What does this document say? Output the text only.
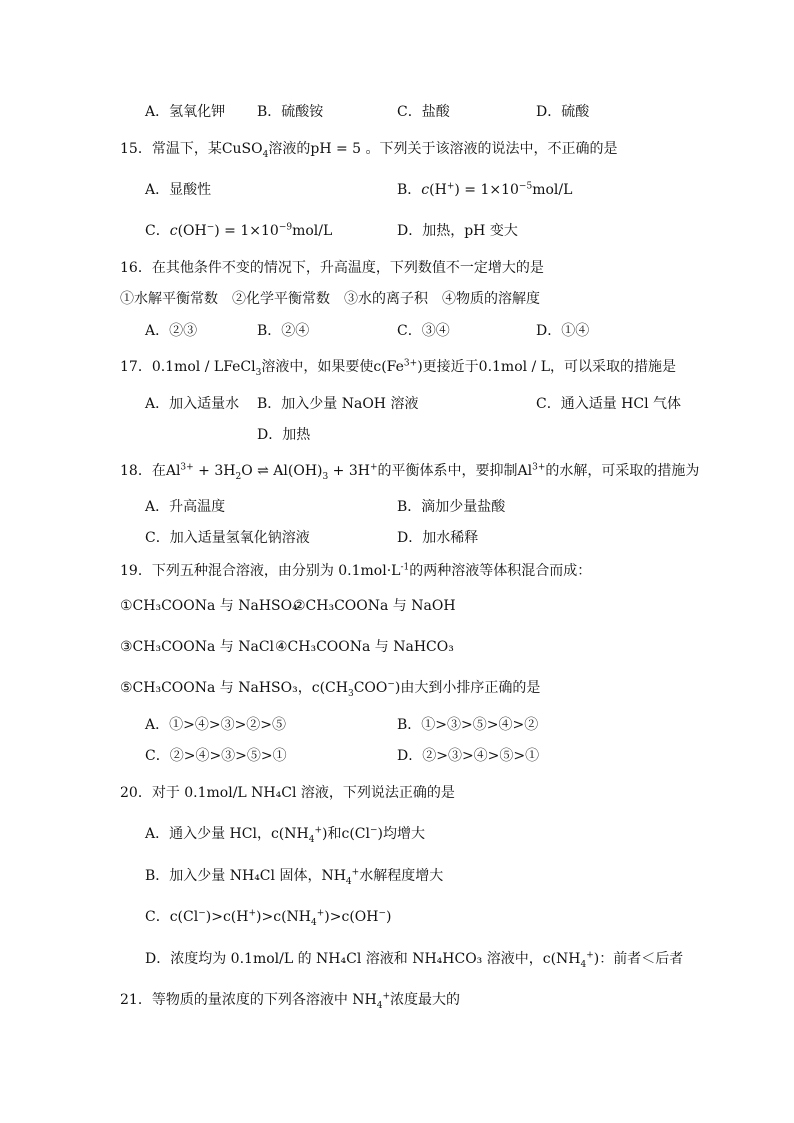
A．氢氧化钾 B．硫酸铵	C．盐酸	D．硫酸
15．常温下，某CuSO$_4$溶液的pH = 5 。下列关于该溶液的说法中，不正确的是
A．显酸性	B．$c(H^+) = 1\times 10^{-5}mol/L$
C．$c(OH^-) = 1\times 10^{-9}mol/L$	D．加热，pH 变大
16．在其他条件不变的情况下，升高温度，下列数值不一定增大的是
①水解平衡常数　②化学平衡常数　③水的离子积　④物质的溶解度
A．②③	B．②④	C．③④	D．①④
17．0.1mol / LFeCl$_3$溶液中，如果要使$c(Fe^{3+})$更接近于0.1mol / L，可以采取的措施是
A．加入适量水 B．加入少量 NaOH 溶液	C．通入适量 HCl 气体
D．加热
18．在$Al^{3+} + 3H_2O$ ⇌ $Al(OH)_3 + 3H^+$的平衡体系中，要抑制$Al^{3+}$的水解，可采取的措施为
A．升高温度	B．滴加少量盐酸
C．加入适量氢氧化钠溶液	D．加水稀释
19．下列五种混合溶液，由分别为 $0.1mol\cdot L^{-1}$的两种溶液等体积混合而成：
①CH₃COONa 与 NaHSO₄
②CH₃COONa 与 NaOH
③CH₃COONa 与 NaCl ④CH₃COONa 与 NaHCO₃
⑤CH₃COONa 与 NaHSO₃，$c(CH_3COO^-)$由大到小排序正确的是
A．①>④>③>②>⑤	B．①>③>⑤>④>②
C．②>④>③>⑤>①	D．②>③>④>⑤>①
20．对于 0.1mol/L NH₄Cl 溶液，下列说法正确的是
A．通入少量 HCl，$c(NH_4^+)$和c(Cl−)均增大
B．加入少量 NH₄Cl 固体，$NH_4^+$水解程度增大
C．$c(Cl^-)>c(H^+)>c(NH_4^+)>c(OH^-)$
D．浓度均为 0.1mol/L 的 NH₄Cl 溶液和 NH₄HCO₃ 溶液中，$c(NH_4^+)$：前者＜后者
21．等物质的量浓度的下列各溶液中 $NH_4^+$浓度最大的
